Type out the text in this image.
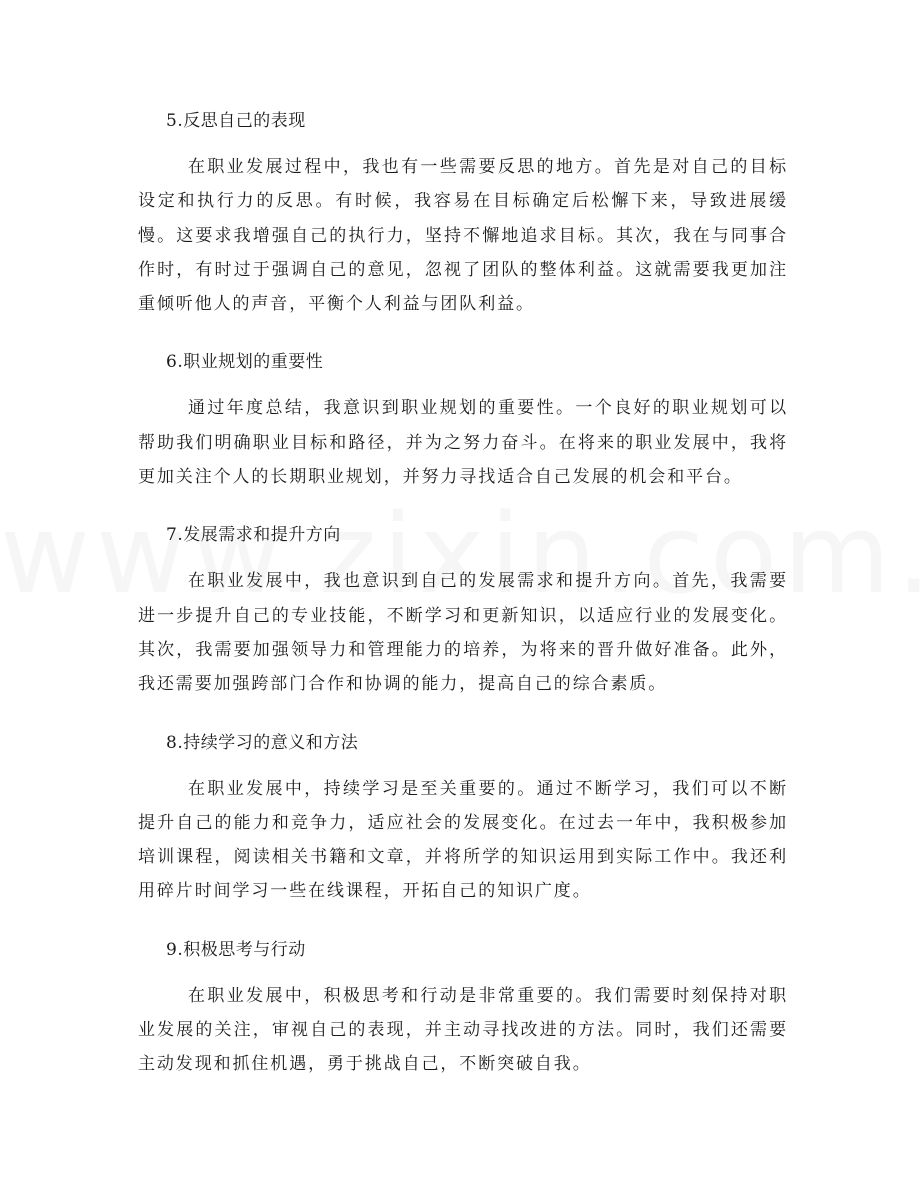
5.反思自己的表现

在职业发展过程中，我也有一些需要反思的地方。首先是对自己的目标设定和执行力的反思。有时候，我容易在目标确定后松懈下来，导致进展缓慢。这要求我增强自己的执行力，坚持不懈地追求目标。其次，我在与同事合作时，有时过于强调自己的意见，忽视了团队的整体利益。这就需要我更加注重倾听他人的声音，平衡个人利益与团队利益。

6.职业规划的重要性

通过年度总结，我意识到职业规划的重要性。一个良好的职业规划可以帮助我们明确职业目标和路径，并为之努力奋斗。在将来的职业发展中，我将更加关注个人的长期职业规划，并努力寻找适合自己发展的机会和平台。

7.发展需求和提升方向

在职业发展中，我也意识到自己的发展需求和提升方向。首先，我需要进一步提升自己的专业技能，不断学习和更新知识，以适应行业的发展变化。其次，我需要加强领导力和管理能力的培养，为将来的晋升做好准备。此外，我还需要加强跨部门合作和协调的能力，提高自己的综合素质。

8.持续学习的意义和方法

在职业发展中，持续学习是至关重要的。通过不断学习，我们可以不断提升自己的能力和竞争力，适应社会的发展变化。在过去一年中，我积极参加培训课程，阅读相关书籍和文章，并将所学的知识运用到实际工作中。我还利用碎片时间学习一些在线课程，开拓自己的知识广度。

9.积极思考与行动

在职业发展中，积极思考和行动是非常重要的。我们需要时刻保持对职业发展的关注，审视自己的表现，并主动寻找改进的方法。同时，我们还需要主动发现和抓住机遇，勇于挑战自己，不断突破自我。
